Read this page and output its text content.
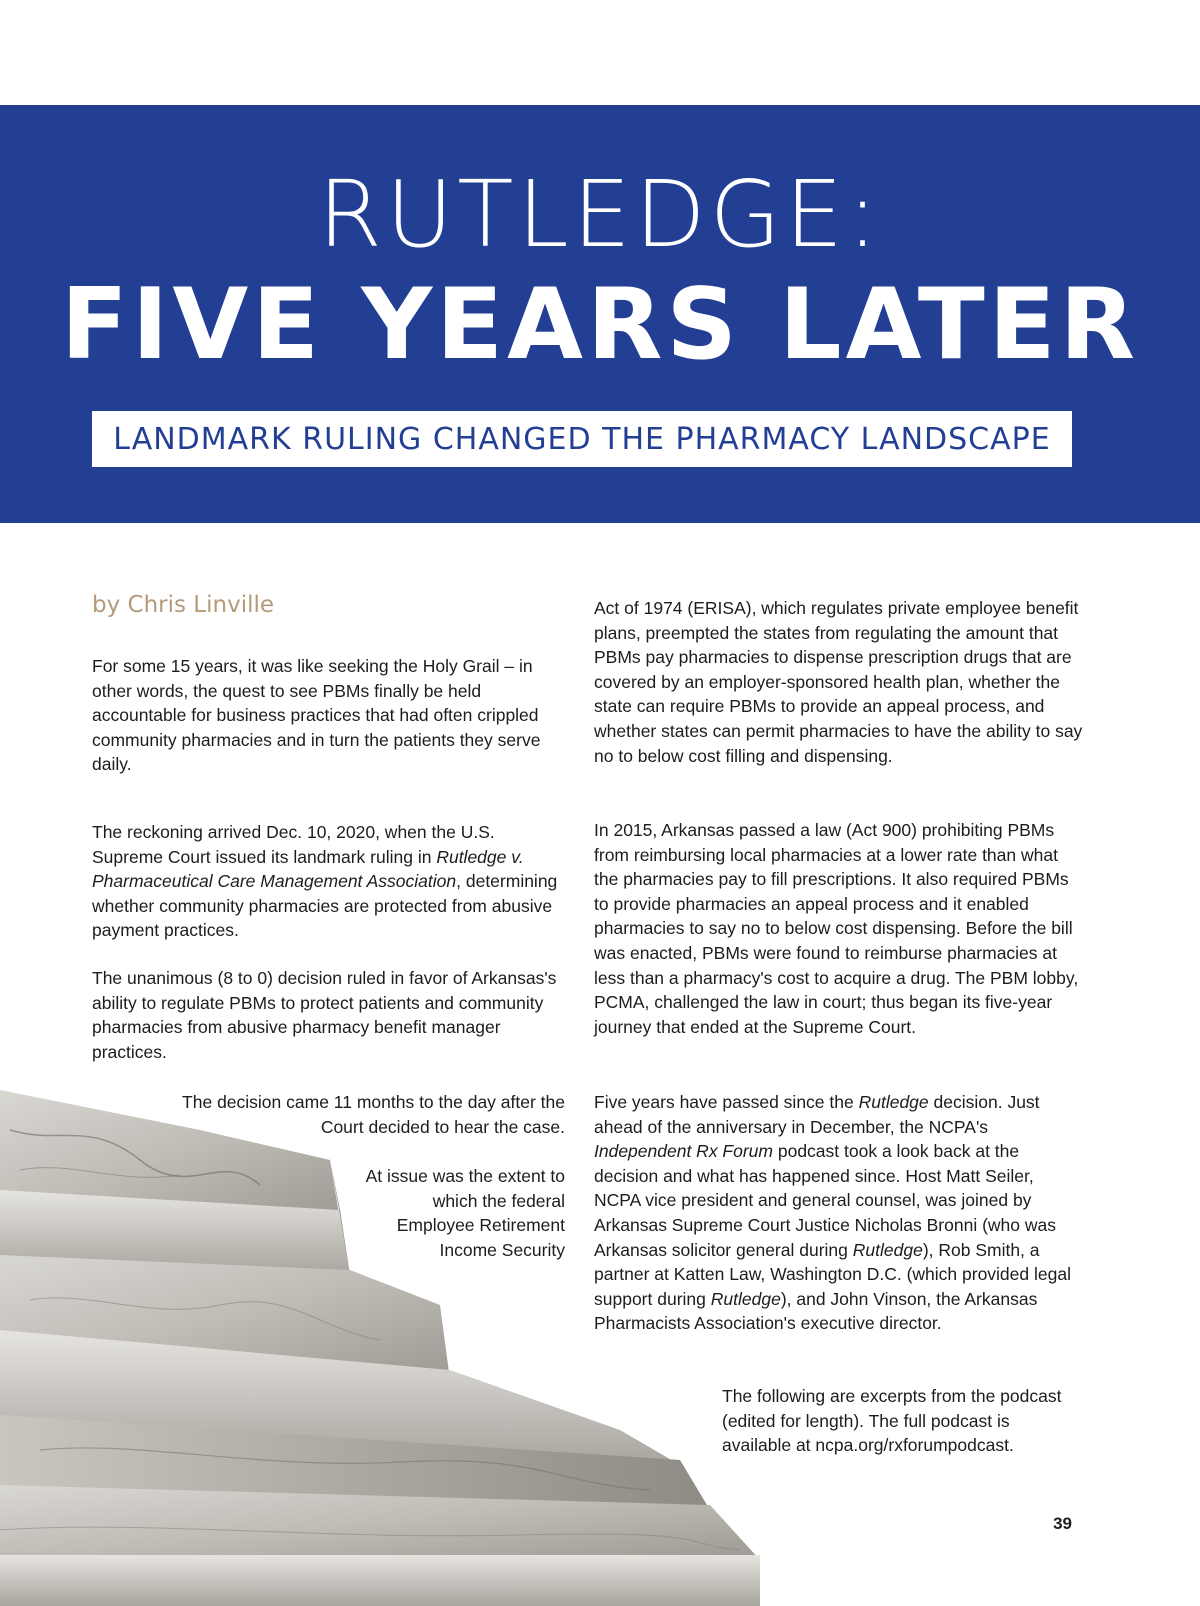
RUTLEDGE:
FIVE YEARS LATER
LANDMARK RULING CHANGED THE PHARMACY LANDSCAPE
by Chris Linville

For some 15 years, it was like seeking the Holy Grail – in other words, the quest to see PBMs finally be held accountable for business practices that had often crippled community pharmacies and in turn the patients they serve daily.

The reckoning arrived Dec. 10, 2020, when the U.S. Supreme Court issued its landmark ruling in Rutledge v. Pharmaceutical Care Management Association, determining whether community pharmacies are protected from abusive payment practices.

The unanimous (8 to 0) decision ruled in favor of Arkansas's ability to regulate PBMs to protect patients and community pharmacies from abusive pharmacy benefit manager practices.

The decision came 11 months to the day after the Court decided to hear the case.

At issue was the extent to which the federal Employee Retirement Income Security

Act of 1974 (ERISA), which regulates private employee benefit plans, preempted the states from regulating the amount that PBMs pay pharmacies to dispense prescription drugs that are covered by an employer-sponsored health plan, whether the state can require PBMs to provide an appeal process, and whether states can permit pharmacies to have the ability to say no to below cost filling and dispensing.

In 2015, Arkansas passed a law (Act 900) prohibiting PBMs from reimbursing local pharmacies at a lower rate than what the pharmacies pay to fill prescriptions. It also required PBMs to provide pharmacies an appeal process and it enabled pharmacies to say no to below cost dispensing. Before the bill was enacted, PBMs were found to reimburse pharmacies at less than a pharmacy's cost to acquire a drug. The PBM lobby, PCMA, challenged the law in court; thus began its five-year journey that ended at the Supreme Court.

Five years have passed since the Rutledge decision. Just ahead of the anniversary in December, the NCPA's Independent Rx Forum podcast took a look back at the decision and what has happened since. Host Matt Seiler, NCPA vice president and general counsel, was joined by Arkansas Supreme Court Justice Nicholas Bronni (who was Arkansas solicitor general during Rutledge), Rob Smith, a partner at Katten Law, Washington D.C. (which provided legal support during Rutledge), and John Vinson, the Arkansas Pharmacists Association's executive director.

The following are excerpts from the podcast (edited for length). The full podcast is available at ncpa.org/rxforumpodcast.

39
